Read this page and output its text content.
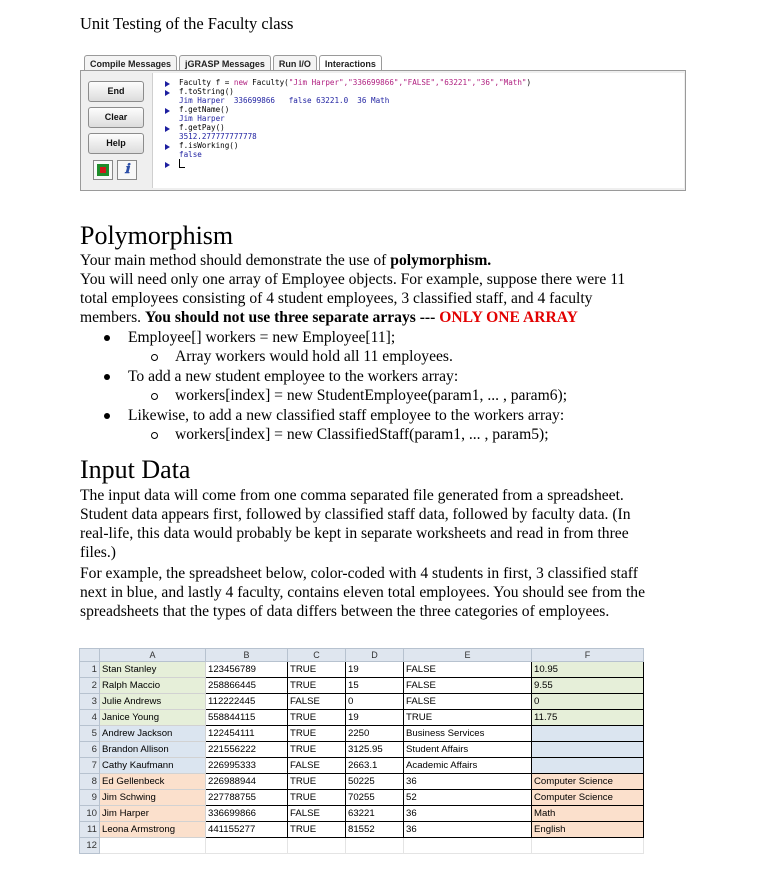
Unit Testing of the Faculty class
Compile Messages	jGRASP Messages	Run I/O	Interactions
End
Clear
Help
ℹ
Faculty f = new Faculty("Jim Harper","336699866","FALSE","63221","36","Math")
f.toString()
Jim Harper  336699866   false 63221.0  36 Math
f.getName()
Jim Harper
f.getPay()
3512.277777777778
f.isWorking()
false
Polymorphism
Your main method should demonstrate the use of polymorphism.
You will need only one array of Employee objects. For example, suppose there were 11
total employees consisting of 4 student employees, 3 classified staff, and 4 faculty
members. You should not use three separate arrays --- ONLY ONE ARRAY
Employee[] workers = new Employee[11];
Array workers would hold all 11 employees.
To add a new student employee to the workers array:
workers[index] = new StudentEmployee(param1, ... , param6);
Likewise, to add a new classified staff employee to the workers array:
workers[index] = new ClassifiedStaff(param1, ... , param5);
Input Data
The input data will come from one comma separated file generated from a spreadsheet.
Student data appears first, followed by classified staff data, followed by faculty data. (In
real-life, this data would probably be kept in separate worksheets and read in from three
files.)
For example, the spreadsheet below, color-coded with 4 students in first, 3 classified staff
next in blue, and lastly 4 faculty, contains eleven total employees. You should see from the
spreadsheets that the types of data differs between the three categories of employees.
	A	B	C	D	E	F
1	Stan Stanley	123456789	TRUE	19	FALSE	10.95
2	Ralph Maccio	258866445	TRUE	15	FALSE	9.55
3	Julie Andrews	112222445	FALSE	0	FALSE	0
4	Janice Young	558844115	TRUE	19	TRUE	11.75
5	Andrew Jackson	122454111	TRUE	2250	Business Services	
6	Brandon Allison	221556222	TRUE	3125.95	Student Affairs	
7	Cathy Kaufmann	226995333	FALSE	2663.1	Academic Affairs	
8	Ed Gellenbeck	226988944	TRUE	50225	36	Computer Science
9	Jim Schwing	227788755	TRUE	70255	52	Computer Science
10	Jim Harper	336699866	FALSE	63221	36	Math
11	Leona Armstrong	441155277	TRUE	81552	36	English
12						
